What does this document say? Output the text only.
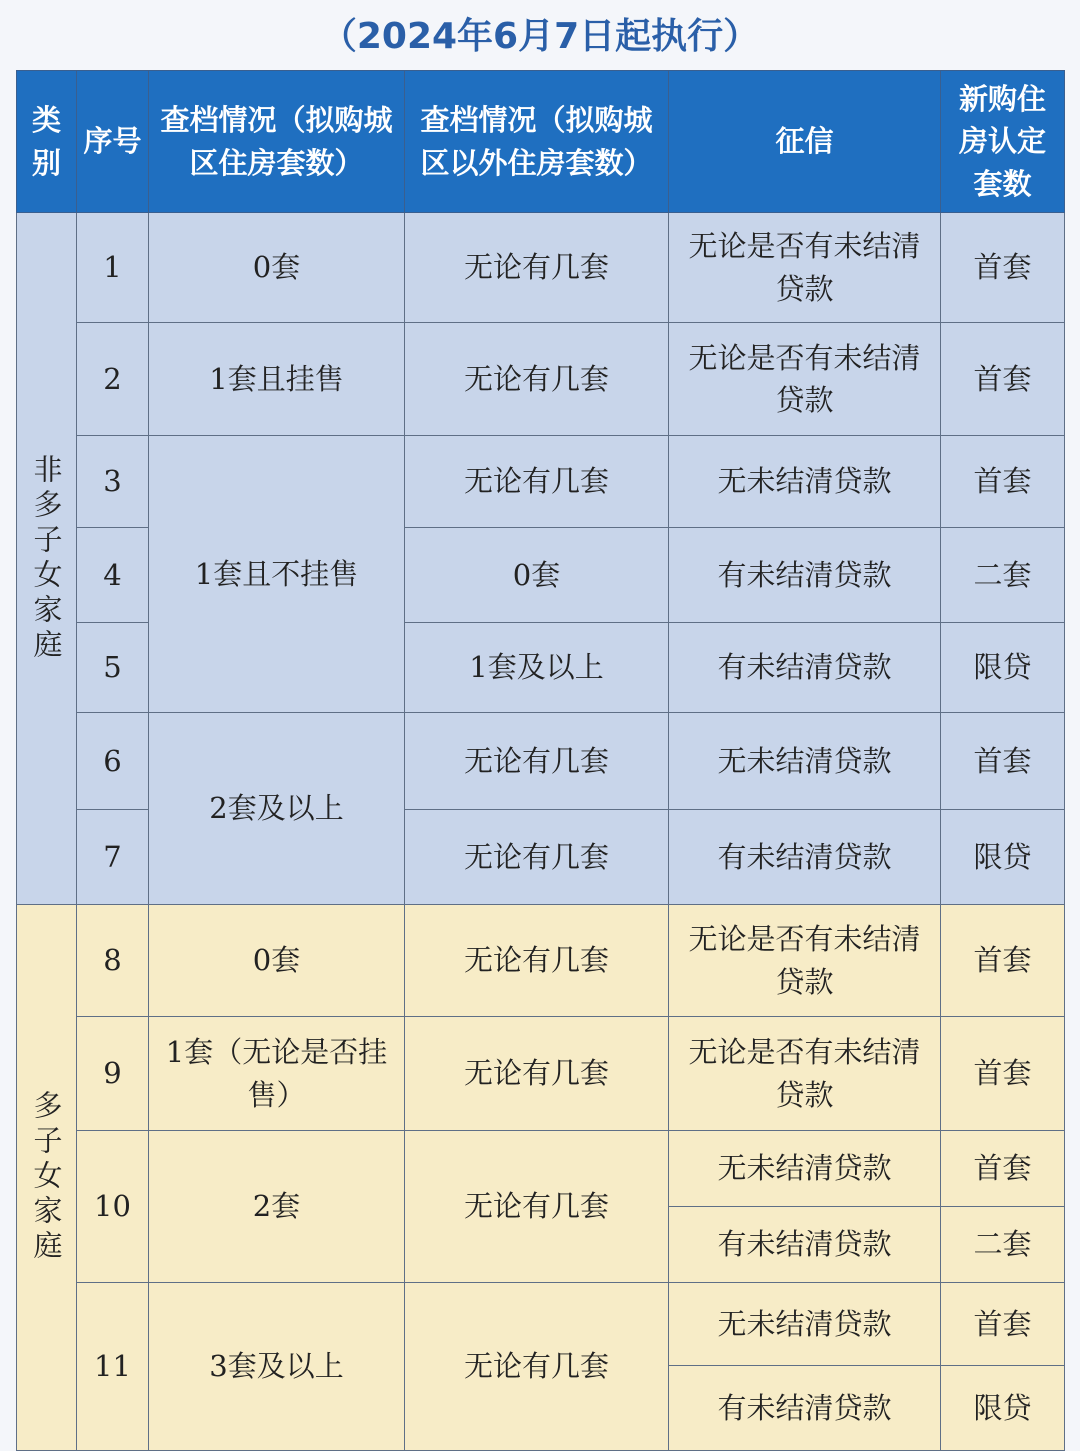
（2024年6月7日起执行）
类别	序号	查档情况（拟购城区住房套数）	查档情况（拟购城区以外住房套数）	征信	新购住房认定套数
非多子女家庭	1	0套	无论有几套	无论是否有未结清贷款	首套
	2	1套且挂售	无论有几套	无论是否有未结清贷款	首套
	3	1套且不挂售	无论有几套	无未结清贷款	首套
	4		0套	有未结清贷款	二套
	5		1套及以上	有未结清贷款	限贷
	6	2套及以上	无论有几套	无未结清贷款	首套
	7		无论有几套	有未结清贷款	限贷
多子女家庭	8	0套	无论有几套	无论是否有未结清贷款	首套
	9	1套（无论是否挂售）	无论有几套	无论是否有未结清贷款	首套
	10	2套	无论有几套	无未结清贷款	首套
				有未结清贷款	二套
	11	3套及以上	无论有几套	无未结清贷款	首套
				有未结清贷款	限贷
